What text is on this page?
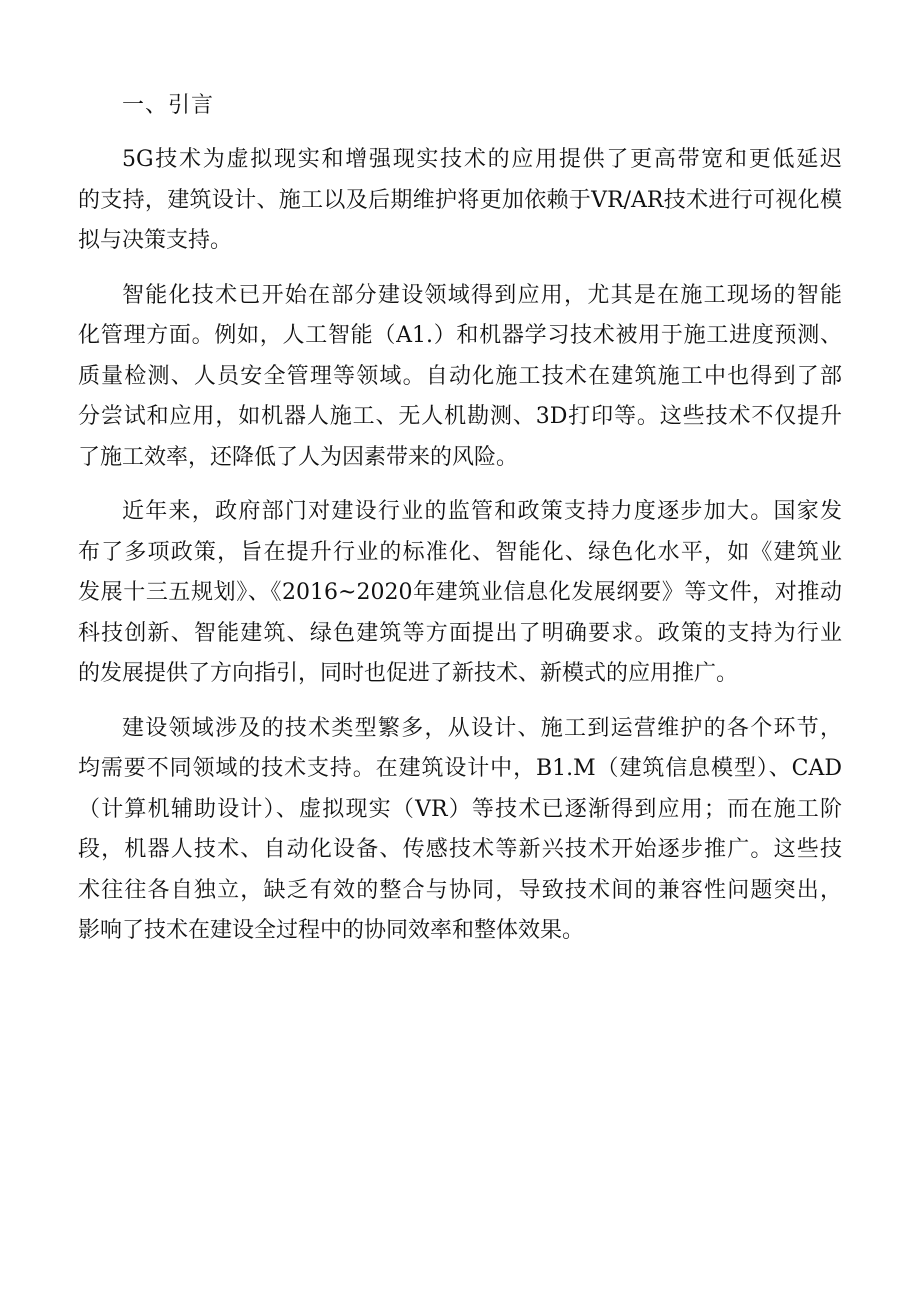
一、引言
5G技术为虚拟现实和增强现实技术的应用提供了更高带宽和更低延迟
的支持，建筑设计、施工以及后期维护将更加依赖于VR/AR技术进行可视化模
拟与决策支持。
智能化技术已开始在部分建设领域得到应用，尤其是在施工现场的智能
化管理方面。例如，人工智能（A1.）和机器学习技术被用于施工进度预测、
质量检测、人员安全管理等领域。自动化施工技术在建筑施工中也得到了部
分尝试和应用，如机器人施工、无人机勘测、3D打印等。这些技术不仅提升
了施工效率，还降低了人为因素带来的风险。
近年来，政府部门对建设行业的监管和政策支持力度逐步加大。国家发
布了多项政策，旨在提升行业的标准化、智能化、绿色化水平，如《建筑业
发展十三五规划》、《2016~2020年建筑业信息化发展纲要》等文件，对推动
科技创新、智能建筑、绿色建筑等方面提出了明确要求。政策的支持为行业
的发展提供了方向指引，同时也促进了新技术、新模式的应用推广。
建设领域涉及的技术类型繁多，从设计、施工到运营维护的各个环节，
均需要不同领域的技术支持。在建筑设计中，B1.M（建筑信息模型）、CAD
（计算机辅助设计）、虚拟现实（VR）等技术已逐渐得到应用；而在施工阶
段，机器人技术、自动化设备、传感技术等新兴技术开始逐步推广。这些技
术往往各自独立，缺乏有效的整合与协同，导致技术间的兼容性问题突出，
影响了技术在建设全过程中的协同效率和整体效果。
